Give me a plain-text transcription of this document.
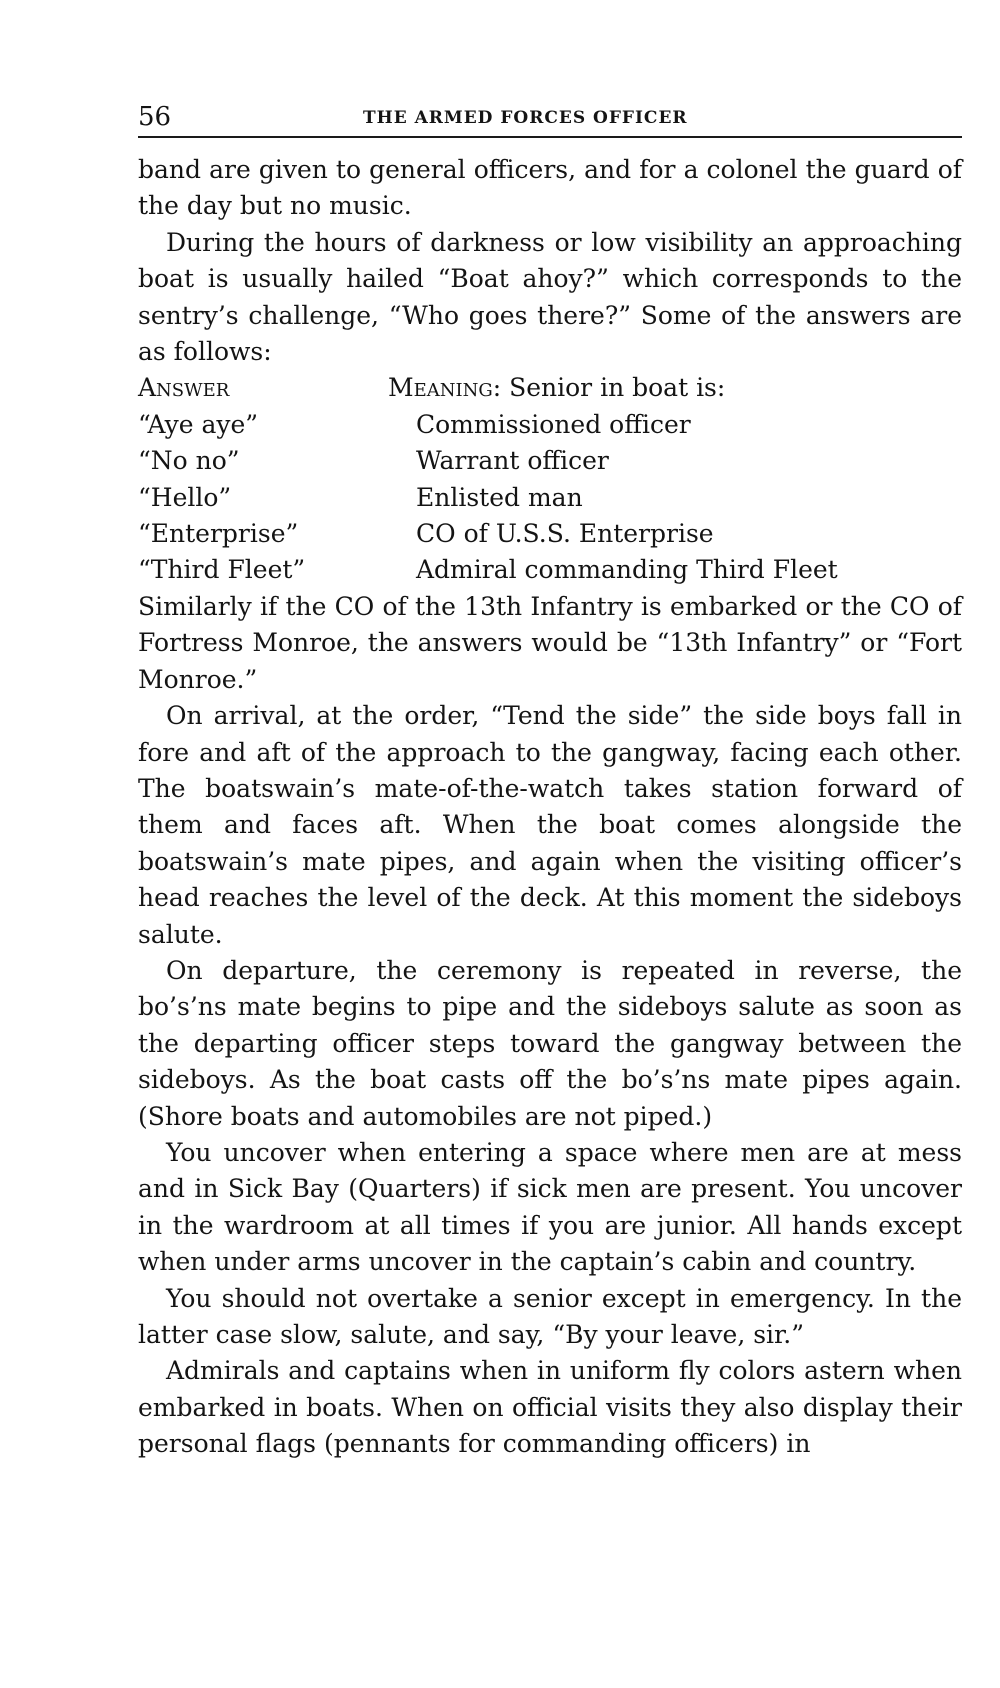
56	THE ARMED FORCES OFFICER

band are given to general officers, and for a colonel the guard of the day but no music.

During the hours of darkness or low visibility an approaching boat is usually hailed “Boat ahoy?” which corresponds to the sentry’s challenge, “Who goes there?” Some of the answers are as follows:

Answer	Meaning: Senior in boat is:
“Aye aye”	Commissioned officer
“No no”	Warrant officer
“Hello”	Enlisted man
“Enterprise”	CO of U.S.S. Enterprise
“Third Fleet”	Admiral commanding Third Fleet

Similarly if the CO of the 13th Infantry is embarked or the CO of Fortress Monroe, the answers would be “13th Infantry” or “Fort Monroe.”

On arrival, at the order, “Tend the side” the side boys fall in fore and aft of the approach to the gangway, facing each other. The boatswain’s mate-of-the-watch takes station forward of them and faces aft. When the boat comes alongside the boatswain’s mate pipes, and again when the visiting officer’s head reaches the level of the deck. At this moment the sideboys salute.

On departure, the ceremony is repeated in reverse, the bo’s’ns mate begins to pipe and the sideboys salute as soon as the departing officer steps toward the gangway between the sideboys. As the boat casts off the bo’s’ns mate pipes again. (Shore boats and automobiles are not piped.)

You uncover when entering a space where men are at mess and in Sick Bay (Quarters) if sick men are present. You uncover in the wardroom at all times if you are junior. All hands except when under arms uncover in the captain’s cabin and country.

You should not overtake a senior except in emergency. In the latter case slow, salute, and say, “By your leave, sir.”

Admirals and captains when in uniform fly colors astern when embarked in boats. When on official visits they also display their personal flags (pennants for commanding officers) in
